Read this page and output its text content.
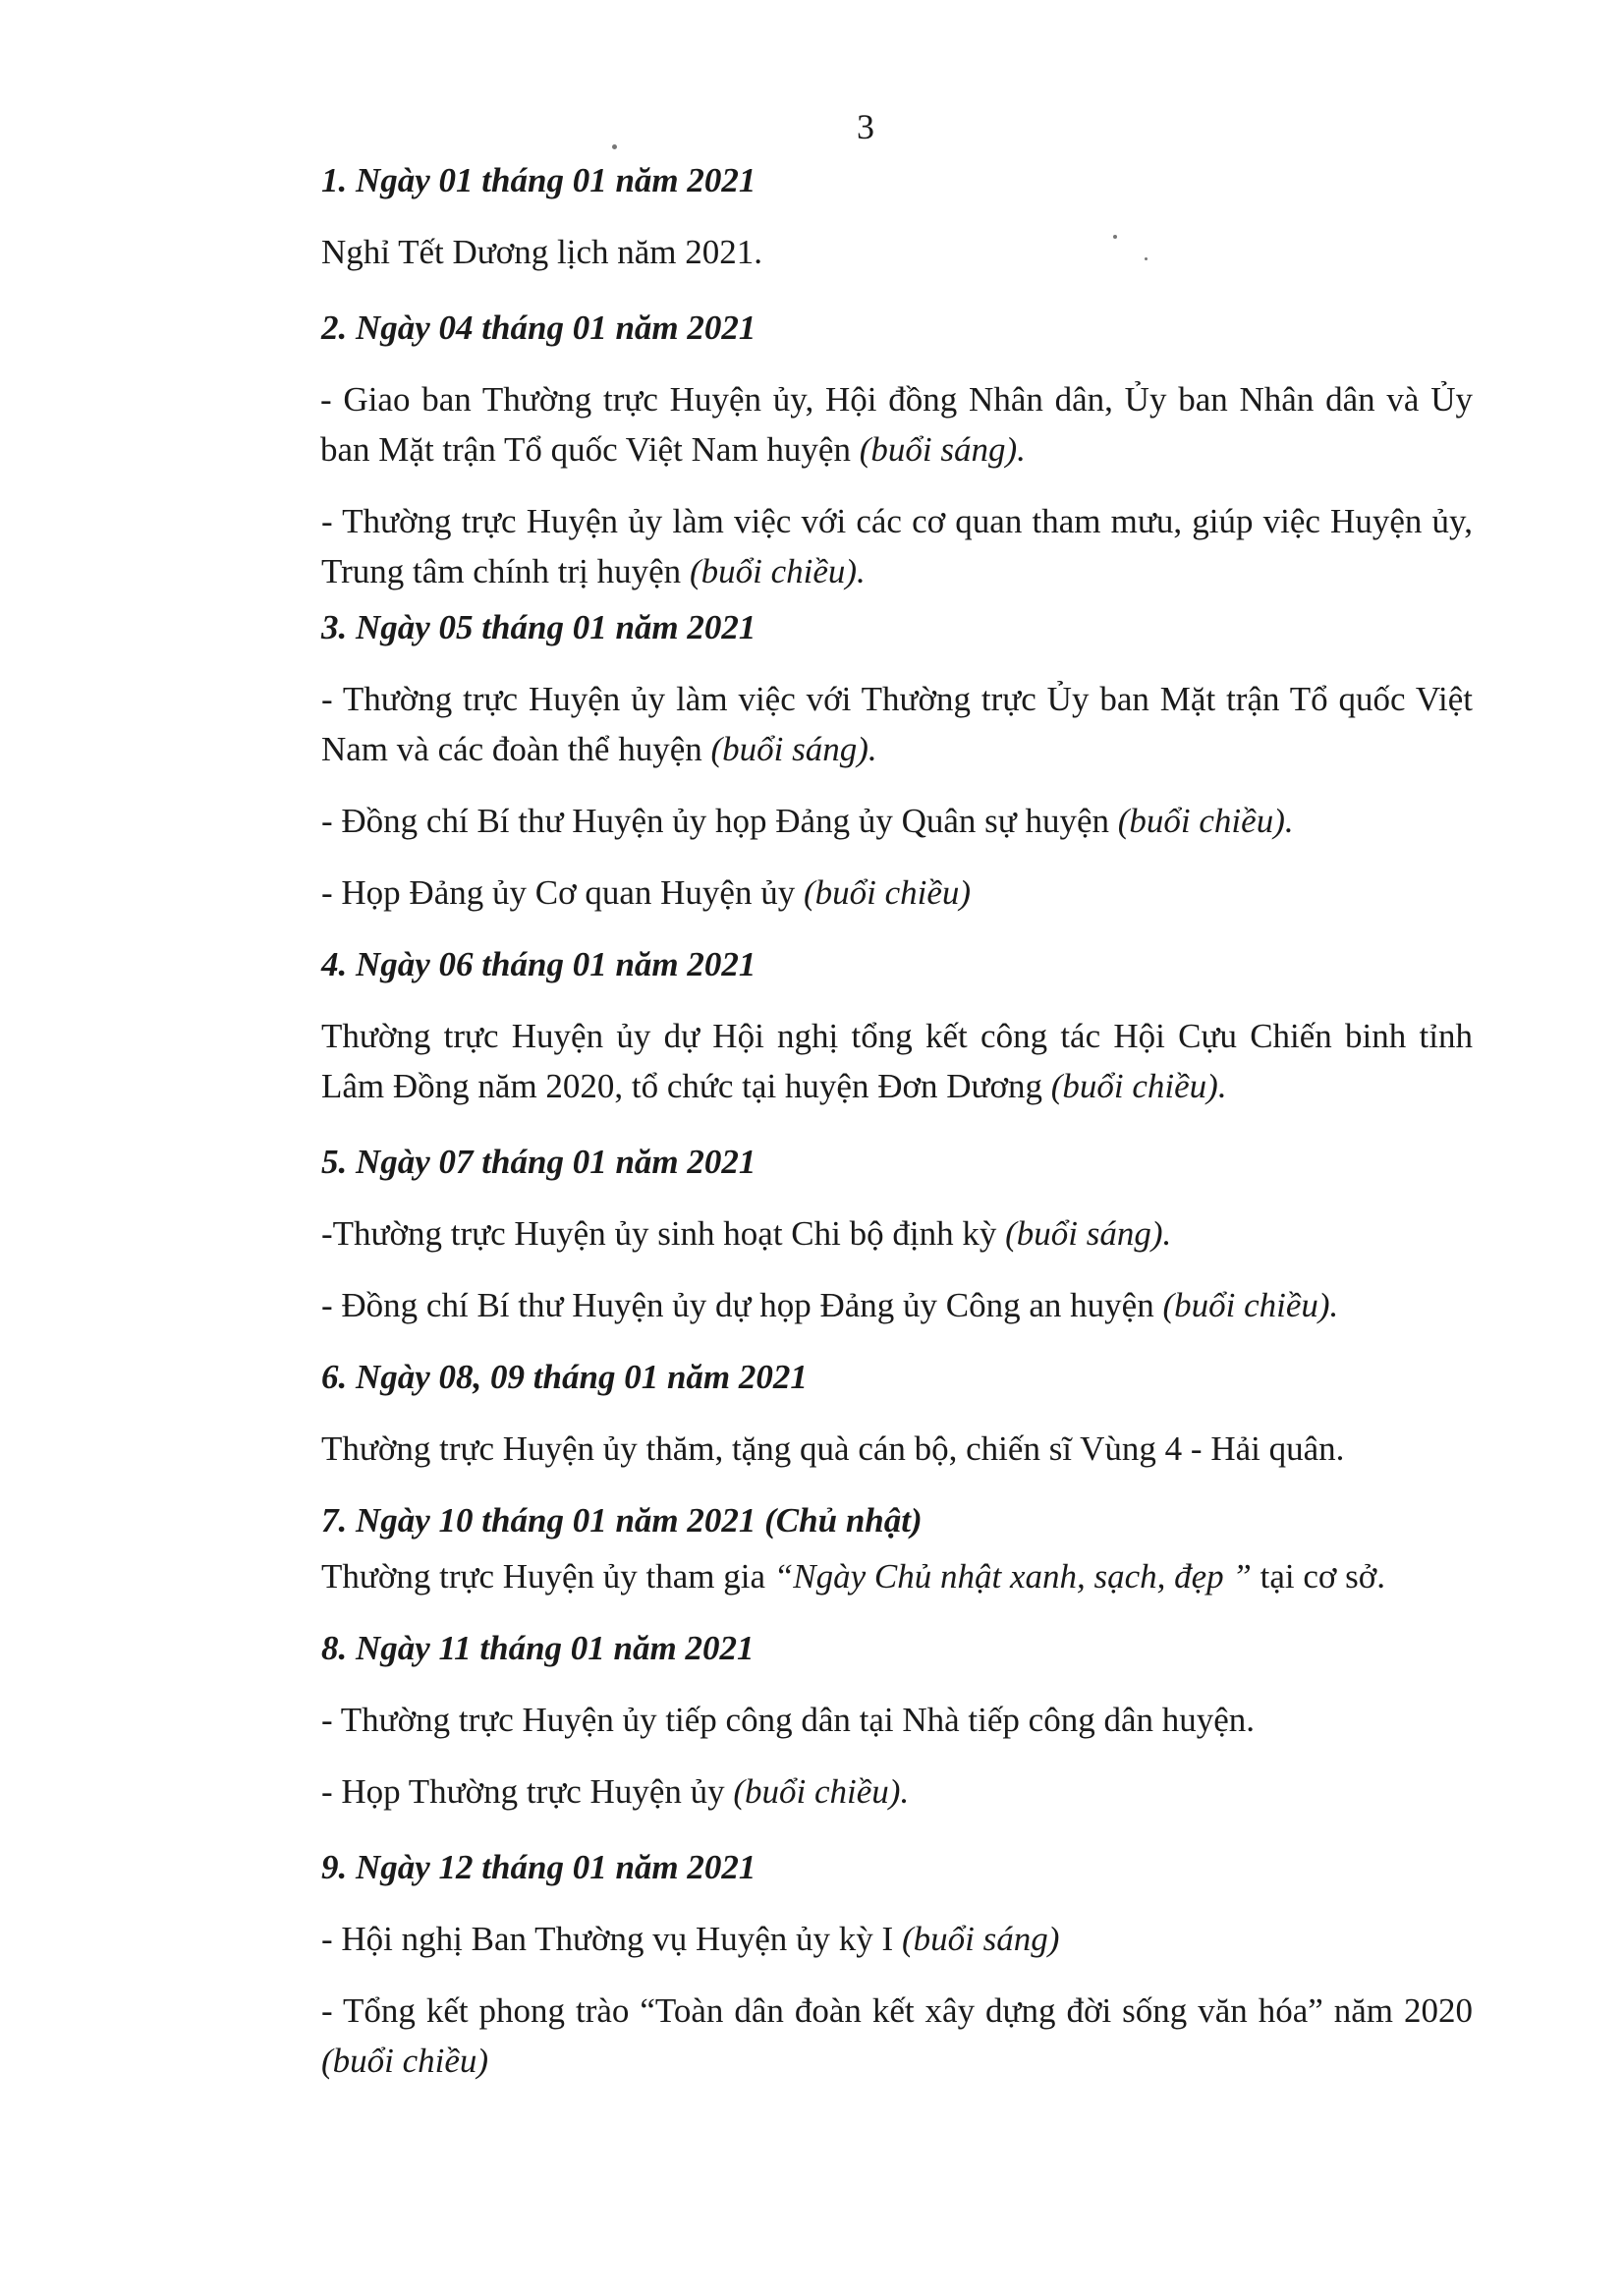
3

1. Ngày 01 tháng 01 năm 2021

Nghỉ Tết Dương lịch năm 2021.

2. Ngày 04 tháng 01 năm 2021

- Giao ban Thường trực Huyện ủy, Hội đồng Nhân dân, Ủy ban Nhân dân và Ủy ban Mặt trận Tổ quốc Việt Nam huyện (buổi sáng).

- Thường trực Huyện ủy làm việc với các cơ quan tham mưu, giúp việc Huyện ủy, Trung tâm chính trị huyện (buổi chiều).

3. Ngày 05 tháng 01 năm 2021

- Thường trực Huyện ủy làm việc với Thường trực Ủy ban Mặt trận Tổ quốc Việt Nam và các đoàn thể huyện (buổi sáng).

- Đồng chí Bí thư Huyện ủy họp Đảng ủy Quân sự huyện (buổi chiều).

- Họp Đảng ủy Cơ quan Huyện ủy (buổi chiều)

4. Ngày 06 tháng 01 năm 2021

Thường trực Huyện ủy dự Hội nghị tổng kết công tác Hội Cựu Chiến binh tỉnh Lâm Đồng năm 2020, tổ chức tại huyện Đơn Dương (buổi chiều).

5. Ngày 07 tháng 01 năm 2021

-Thường trực Huyện ủy sinh hoạt Chi bộ định kỳ (buổi sáng).

- Đồng chí Bí thư Huyện ủy dự họp Đảng ủy Công an huyện (buổi chiều).

6. Ngày 08, 09 tháng 01 năm 2021

Thường trực Huyện ủy thăm, tặng quà cán bộ, chiến sĩ Vùng 4 - Hải quân.

7. Ngày 10 tháng 01 năm 2021 (Chủ nhật)

Thường trực Huyện ủy tham gia “Ngày Chủ nhật xanh, sạch, đẹp ” tại cơ sở.

8. Ngày 11 tháng 01 năm 2021

- Thường trực Huyện ủy tiếp công dân tại Nhà tiếp công dân huyện.

- Họp Thường trực Huyện ủy (buổi chiều).

9. Ngày 12 tháng 01 năm 2021

- Hội nghị Ban Thường vụ Huyện ủy kỳ I (buổi sáng)

- Tổng kết phong trào “Toàn dân đoàn kết xây dựng đời sống văn hóa” năm 2020 (buổi chiều)
